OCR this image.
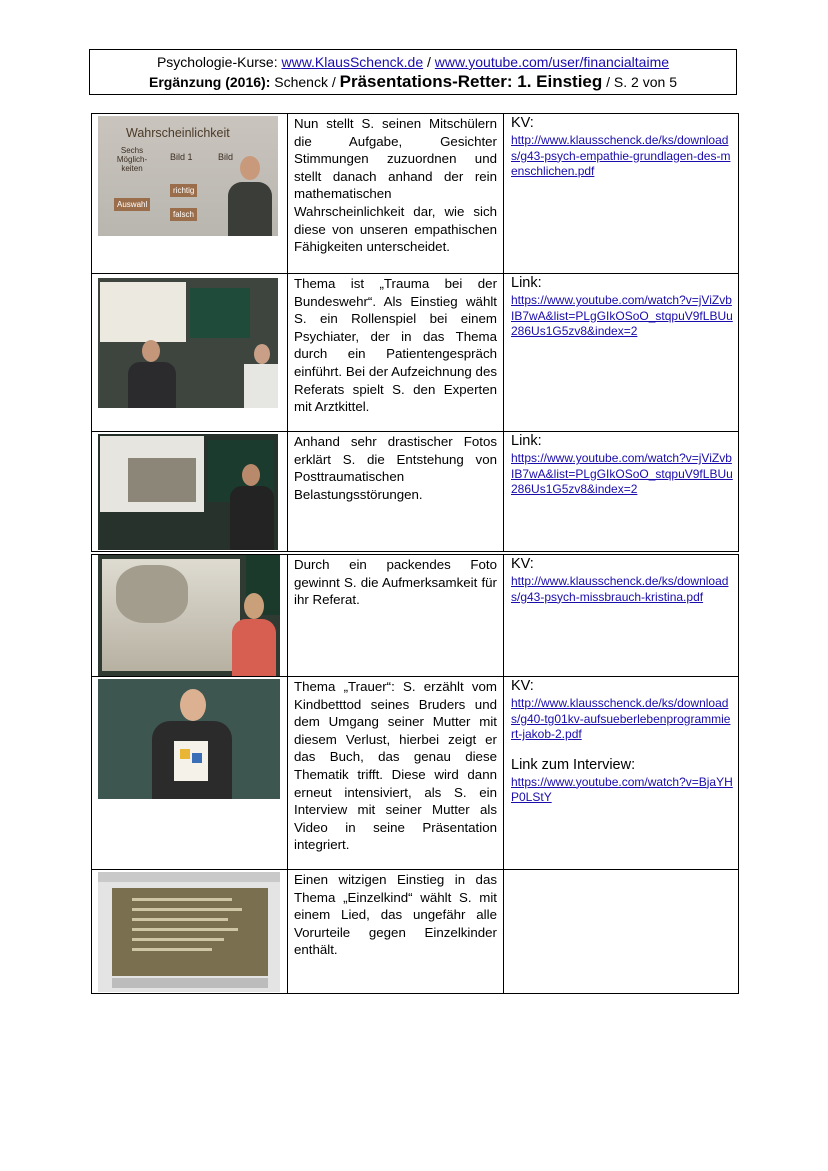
Psychologie-Kurse: www.KlausSchenck.de / www.youtube.com/user/financialtaime
Ergänzung (2016): Schenck / Präsentations-Retter: 1. Einstieg / S. 2 von 5
Wahrscheinlichkeit
Sechs Möglich-keiten
Bild 1	Bild
Auswahl
richtig
falsch
Nun stellt S. seinen Mitschülern die Aufgabe, Gesichter Stimmungen zuzuordnen und stellt danach anhand der rein mathematischen Wahrscheinlichkeit dar, wie sich diese von unseren empathischen Fähigkeiten unterscheidet.
KV:
http://www.klausschenck.de/ks/downloads/g43-psych-empathie-grundlagen-des-menschlichen.pdf
Thema ist „Trauma bei der Bundeswehr“. Als Einstieg wählt S. ein Rollenspiel bei einem Psychiater, der in das Thema durch ein Patientengespräch einführt. Bei der Aufzeichnung des Referats spielt S. den Experten mit Arztkittel.
Link:
https://www.youtube.com/watch?v=jViZvbIB7wA&list=PLgGIkOSoO_stqpuV9fLBUu286Us1G5zv8&index=2
Anhand sehr drastischer Fotos erklärt S. die Entstehung von Posttraumatischen Belastungsstörungen.
Link:
https://www.youtube.com/watch?v=jViZvbIB7wA&list=PLgGIkOSoO_stqpuV9fLBUu286Us1G5zv8&index=2
Durch ein packendes Foto gewinnt S. die Aufmerksamkeit für ihr Referat.
KV:
http://www.klausschenck.de/ks/downloads/g43-psych-missbrauch-kristina.pdf
Thema „Trauer“: S. erzählt vom Kindbetttod seines Bruders und dem Umgang seiner Mutter mit diesem Verlust, hierbei zeigt er das Buch, das genau diese Thematik trifft. Diese wird dann erneut intensiviert, als S. ein Interview mit seiner Mutter als Video in seine Präsentation integriert.
KV:
http://www.klausschenck.de/ks/downloads/g40-tg01kv-aufsueberlebenprogrammiert-jakob-2.pdf
Link zum Interview:
https://www.youtube.com/watch?v=BjaYHP0LStY
Einen witzigen Einstieg in das Thema „Einzelkind“ wählt S. mit einem Lied, das ungefähr alle Vorurteile gegen Einzelkinder enthält.
